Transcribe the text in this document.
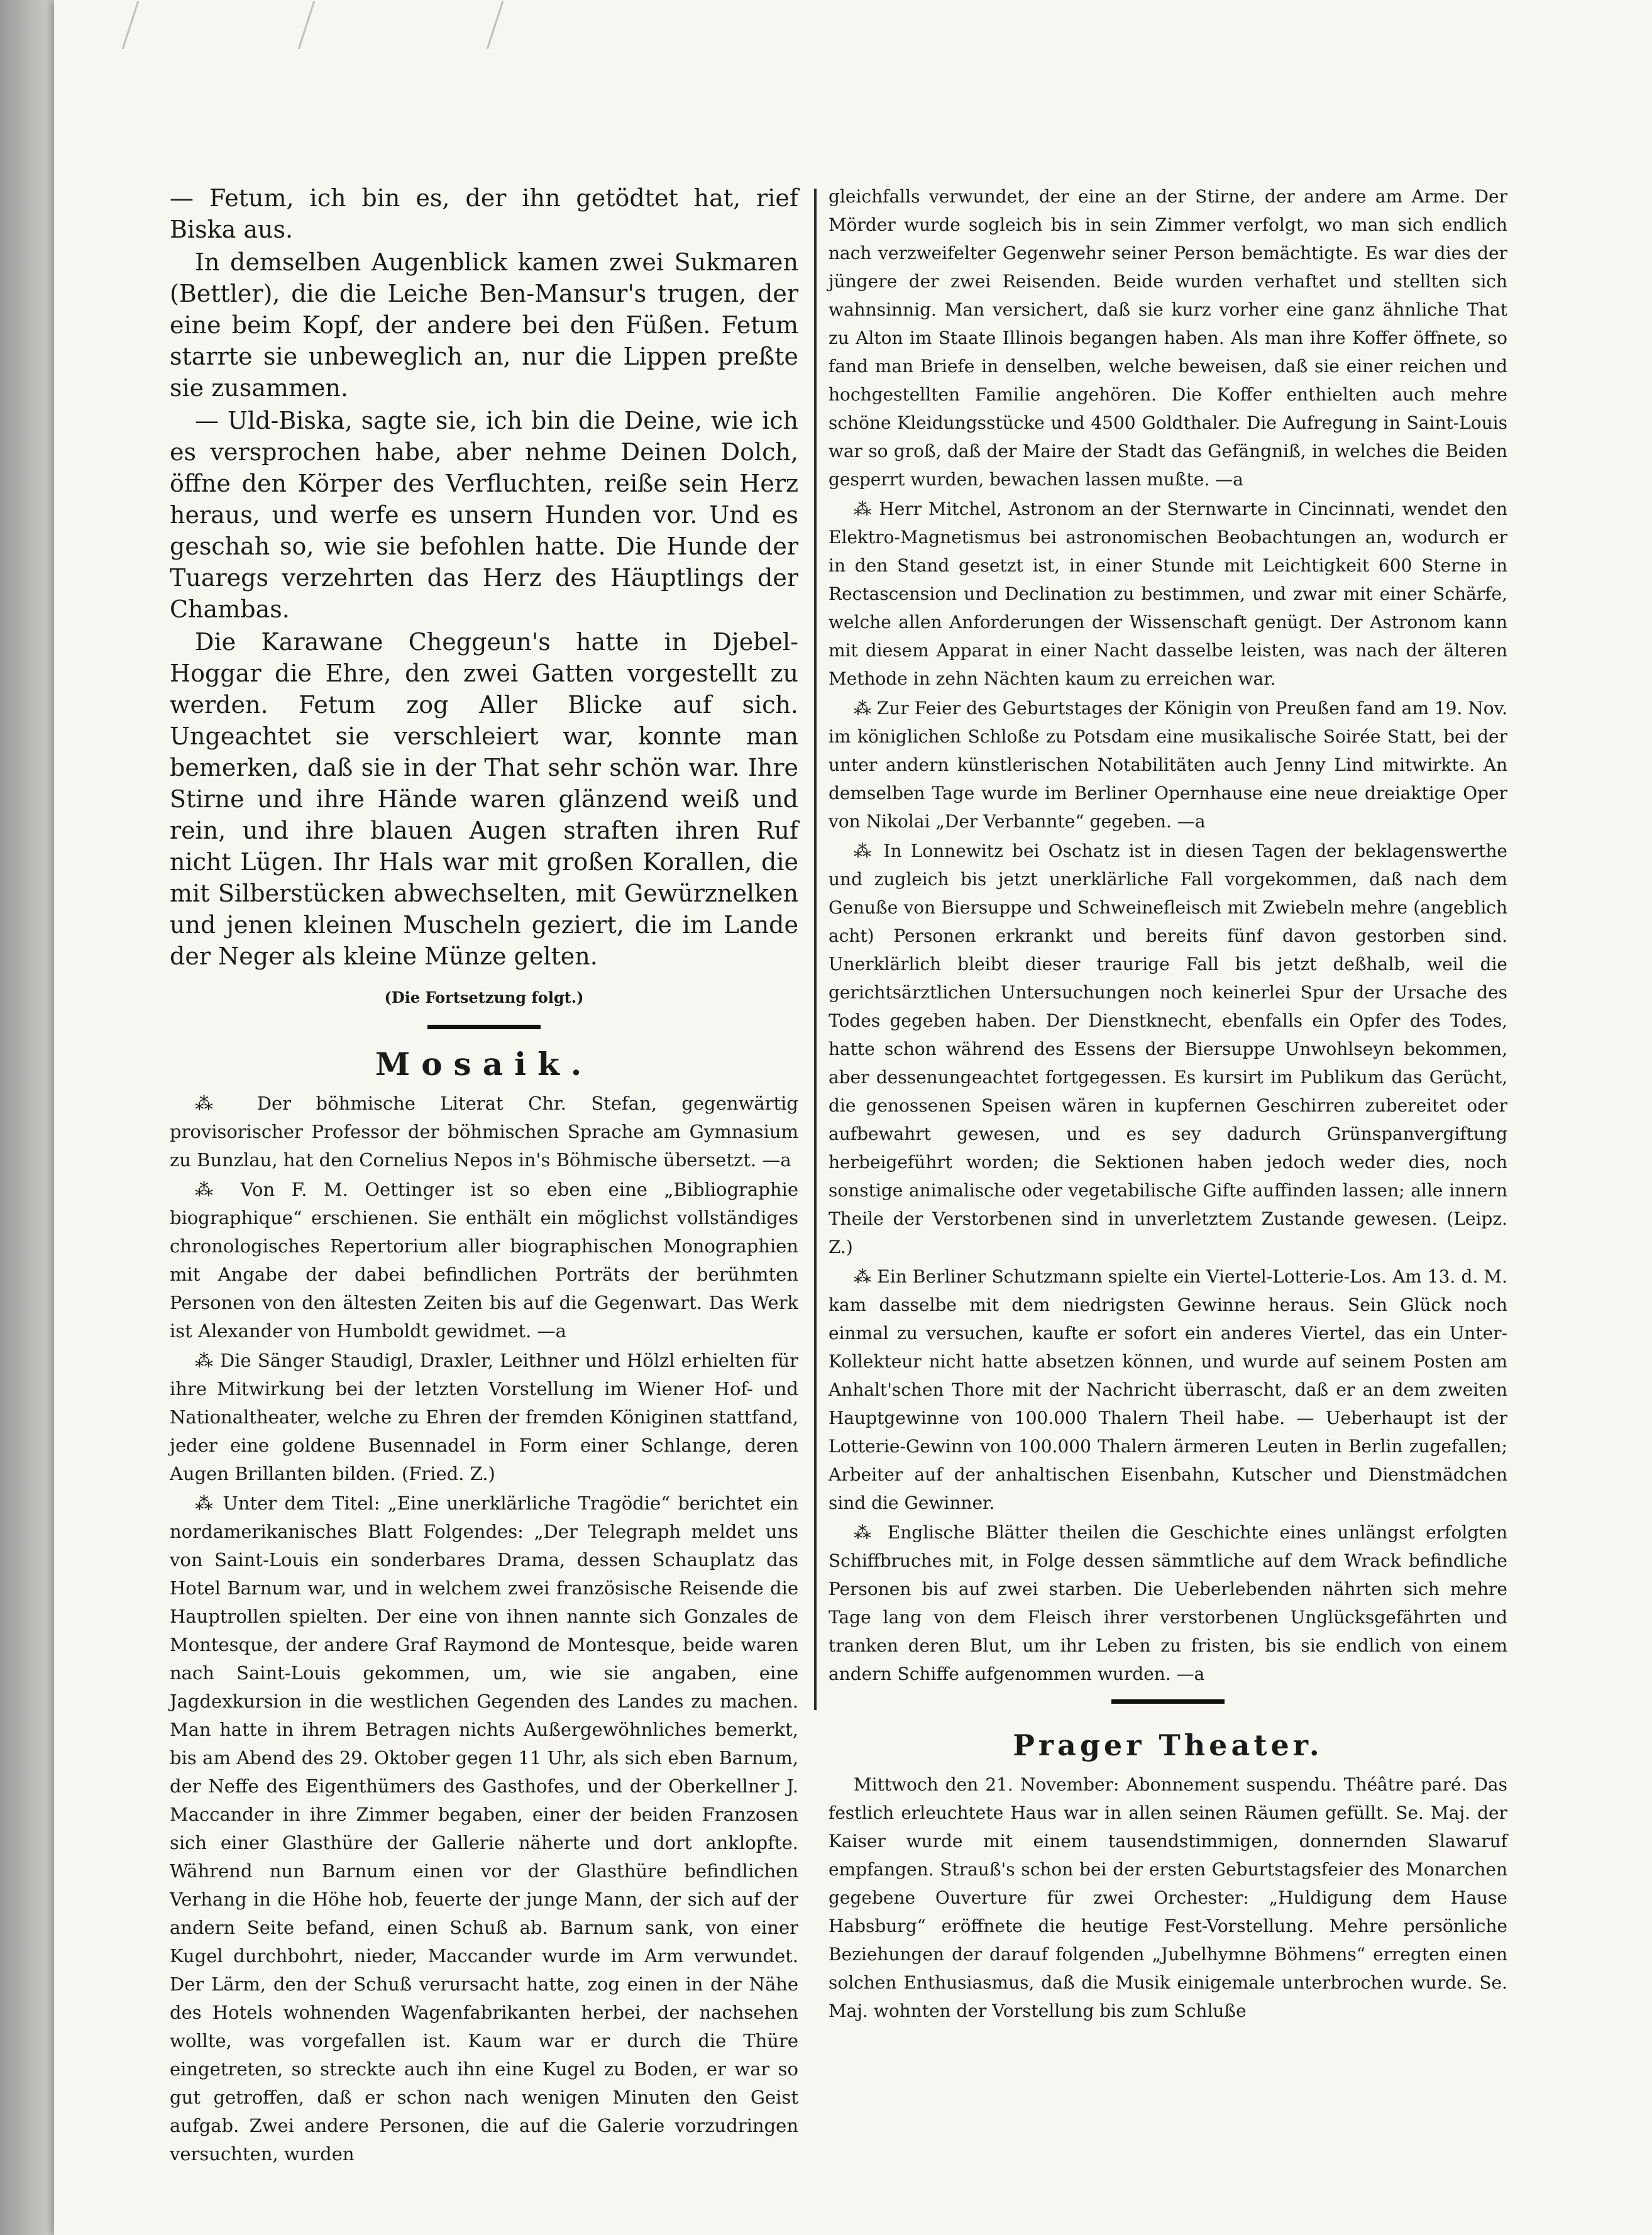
— Fetum, ich bin es, der ihn getödtet hat, rief Biska aus.

In demselben Augenblick kamen zwei Sukmaren (Bettler), die die Leiche Ben-Mansur's trugen, der eine beim Kopf, der andere bei den Füßen. Fetum starrte sie unbeweglich an, nur die Lippen preßte sie zusammen.

— Uld-Biska, sagte sie, ich bin die Deine, wie ich es versprochen habe, aber nehme Deinen Dolch, öffne den Körper des Verfluchten, reiße sein Herz heraus, und werfe es unsern Hunden vor. Und es geschah so, wie sie befohlen hatte. Die Hunde der Tuaregs verzehrten das Herz des Häuptlings der Chambas.

Die Karawane Cheggeun's hatte in Djebel-Hoggar die Ehre, den zwei Gatten vorgestellt zu werden. Fetum zog Aller Blicke auf sich. Ungeachtet sie verschleiert war, konnte man bemerken, daß sie in der That sehr schön war. Ihre Stirne und ihre Hände waren glänzend weiß und rein, und ihre blauen Augen straften ihren Ruf nicht Lügen. Ihr Hals war mit großen Korallen, die mit Silberstücken abwechselten, mit Gewürznelken und jenen kleinen Muscheln geziert, die im Lande der Neger als kleine Münze gelten.

(Die Fortsetzung folgt.)

Mosaik.

⁂ Der böhmische Literat Chr. Stefan, gegenwärtig provisorischer Professor der böhmischen Sprache am Gymnasium zu Bunzlau, hat den Cornelius Nepos in's Böhmische übersetzt. —a

⁂ Von F. M. Oettinger ist so eben eine „Bibliographie biographique“ erschienen. Sie enthält ein möglichst vollständiges chronologisches Repertorium aller biographischen Monographien mit Angabe der dabei befindlichen Porträts der berühmten Personen von den ältesten Zeiten bis auf die Gegenwart. Das Werk ist Alexander von Humboldt gewidmet. —a

⁂ Die Sänger Staudigl, Draxler, Leithner und Hölzl erhielten für ihre Mitwirkung bei der letzten Vorstellung im Wiener Hof- und Nationaltheater, welche zu Ehren der fremden Königinen stattfand, jeder eine goldene Busennadel in Form einer Schlange, deren Augen Brillanten bilden. (Fried. Z.)

⁂ Unter dem Titel: „Eine unerklärliche Tragödie“ berichtet ein nordamerikanisches Blatt Folgendes: „Der Telegraph meldet uns von Saint-Louis ein sonderbares Drama, dessen Schauplatz das Hotel Barnum war, und in welchem zwei französische Reisende die Hauptrollen spielten. Der eine von ihnen nannte sich Gonzales de Montesque, der andere Graf Raymond de Montesque, beide waren nach Saint-Louis gekommen, um, wie sie angaben, eine Jagdexkursion in die westlichen Gegenden des Landes zu machen. Man hatte in ihrem Betragen nichts Außergewöhnliches bemerkt, bis am Abend des 29. Oktober gegen 11 Uhr, als sich eben Barnum, der Neffe des Eigenthümers des Gasthofes, und der Oberkellner J. Maccander in ihre Zimmer begaben, einer der beiden Franzosen sich einer Glasthüre der Gallerie näherte und dort anklopfte. Während nun Barnum einen vor der Glasthüre befindlichen Verhang in die Höhe hob, feuerte der junge Mann, der sich auf der andern Seite befand, einen Schuß ab. Barnum sank, von einer Kugel durchbohrt, nieder, Maccander wurde im Arm verwundet. Der Lärm, den der Schuß verursacht hatte, zog einen in der Nähe des Hotels wohnenden Wagenfabrikanten herbei, der nachsehen wollte, was vorgefallen ist. Kaum war er durch die Thüre eingetreten, so streckte auch ihn eine Kugel zu Boden, er war so gut getroffen, daß er schon nach wenigen Minuten den Geist aufgab. Zwei andere Personen, die auf die Galerie vorzudringen versuchten, wurden

gleichfalls verwundet, der eine an der Stirne, der andere am Arme. Der Mörder wurde sogleich bis in sein Zimmer verfolgt, wo man sich endlich nach verzweifelter Gegenwehr seiner Person bemächtigte. Es war dies der jüngere der zwei Reisenden. Beide wurden verhaftet und stellten sich wahnsinnig. Man versichert, daß sie kurz vorher eine ganz ähnliche That zu Alton im Staate Illinois begangen haben. Als man ihre Koffer öffnete, so fand man Briefe in denselben, welche beweisen, daß sie einer reichen und hochgestellten Familie angehören. Die Koffer enthielten auch mehre schöne Kleidungsstücke und 4500 Goldthaler. Die Aufregung in Saint-Louis war so groß, daß der Maire der Stadt das Gefängniß, in welches die Beiden gesperrt wurden, bewachen lassen mußte. —a

⁂ Herr Mitchel, Astronom an der Sternwarte in Cincinnati, wendet den Elektro-Magnetismus bei astronomischen Beobachtungen an, wodurch er in den Stand gesetzt ist, in einer Stunde mit Leichtigkeit 600 Sterne in Rectascension und Declination zu bestimmen, und zwar mit einer Schärfe, welche allen Anforderungen der Wissenschaft genügt. Der Astronom kann mit diesem Apparat in einer Nacht dasselbe leisten, was nach der älteren Methode in zehn Nächten kaum zu erreichen war.

⁂ Zur Feier des Geburtstages der Königin von Preußen fand am 19. Nov. im königlichen Schloße zu Potsdam eine musikalische Soirée Statt, bei der unter andern künstlerischen Notabilitäten auch Jenny Lind mitwirkte. An demselben Tage wurde im Berliner Opernhause eine neue dreiaktige Oper von Nikolai „Der Verbannte“ gegeben. —a

⁂ In Lonnewitz bei Oschatz ist in diesen Tagen der beklagenswerthe und zugleich bis jetzt unerklärliche Fall vorgekommen, daß nach dem Genuße von Biersuppe und Schweinefleisch mit Zwiebeln mehre (angeblich acht) Personen erkrankt und bereits fünf davon gestorben sind. Unerklärlich bleibt dieser traurige Fall bis jetzt deßhalb, weil die gerichtsärztlichen Untersuchungen noch keinerlei Spur der Ursache des Todes gegeben haben. Der Dienstknecht, ebenfalls ein Opfer des Todes, hatte schon während des Essens der Biersuppe Unwohlseyn bekommen, aber dessenungeachtet fortgegessen. Es kursirt im Publikum das Gerücht, die genossenen Speisen wären in kupfernen Geschirren zubereitet oder aufbewahrt gewesen, und es sey dadurch Grünspanvergiftung herbeigeführt worden; die Sektionen haben jedoch weder dies, noch sonstige animalische oder vegetabilische Gifte auffinden lassen; alle innern Theile der Verstorbenen sind in unverletztem Zustande gewesen. (Leipz. Z.)

⁂ Ein Berliner Schutzmann spielte ein Viertel-Lotterie-Los. Am 13. d. M. kam dasselbe mit dem niedrigsten Gewinne heraus. Sein Glück noch einmal zu versuchen, kaufte er sofort ein anderes Viertel, das ein Unter-Kollekteur nicht hatte absetzen können, und wurde auf seinem Posten am Anhalt'schen Thore mit der Nachricht überrascht, daß er an dem zweiten Hauptgewinne von 100.000 Thalern Theil habe. — Ueberhaupt ist der Lotterie-Gewinn von 100.000 Thalern ärmeren Leuten in Berlin zugefallen; Arbeiter auf der anhaltischen Eisenbahn, Kutscher und Dienstmädchen sind die Gewinner.

⁂ Englische Blätter theilen die Geschichte eines unlängst erfolgten Schiffbruches mit, in Folge dessen sämmtliche auf dem Wrack befindliche Personen bis auf zwei starben. Die Ueberlebenden nährten sich mehre Tage lang von dem Fleisch ihrer verstorbenen Unglücksgefährten und tranken deren Blut, um ihr Leben zu fristen, bis sie endlich von einem andern Schiffe aufgenommen wurden. —a

Prager Theater.

Mittwoch den 21. November: Abonnement suspendu. Théâtre paré. Das festlich erleuchtete Haus war in allen seinen Räumen gefüllt. Se. Maj. der Kaiser wurde mit einem tausendstimmigen, donnernden Slawaruf empfangen. Strauß's schon bei der ersten Geburtstagsfeier des Monarchen gegebene Ouverture für zwei Orchester: „Huldigung dem Hause Habsburg“ eröffnete die heutige Fest-Vorstellung. Mehre persönliche Beziehungen der darauf folgenden „Jubelhymne Böhmens“ erregten einen solchen Enthusiasmus, daß die Musik einigemale unterbrochen wurde. Se. Maj. wohnten der Vorstellung bis zum Schluße
